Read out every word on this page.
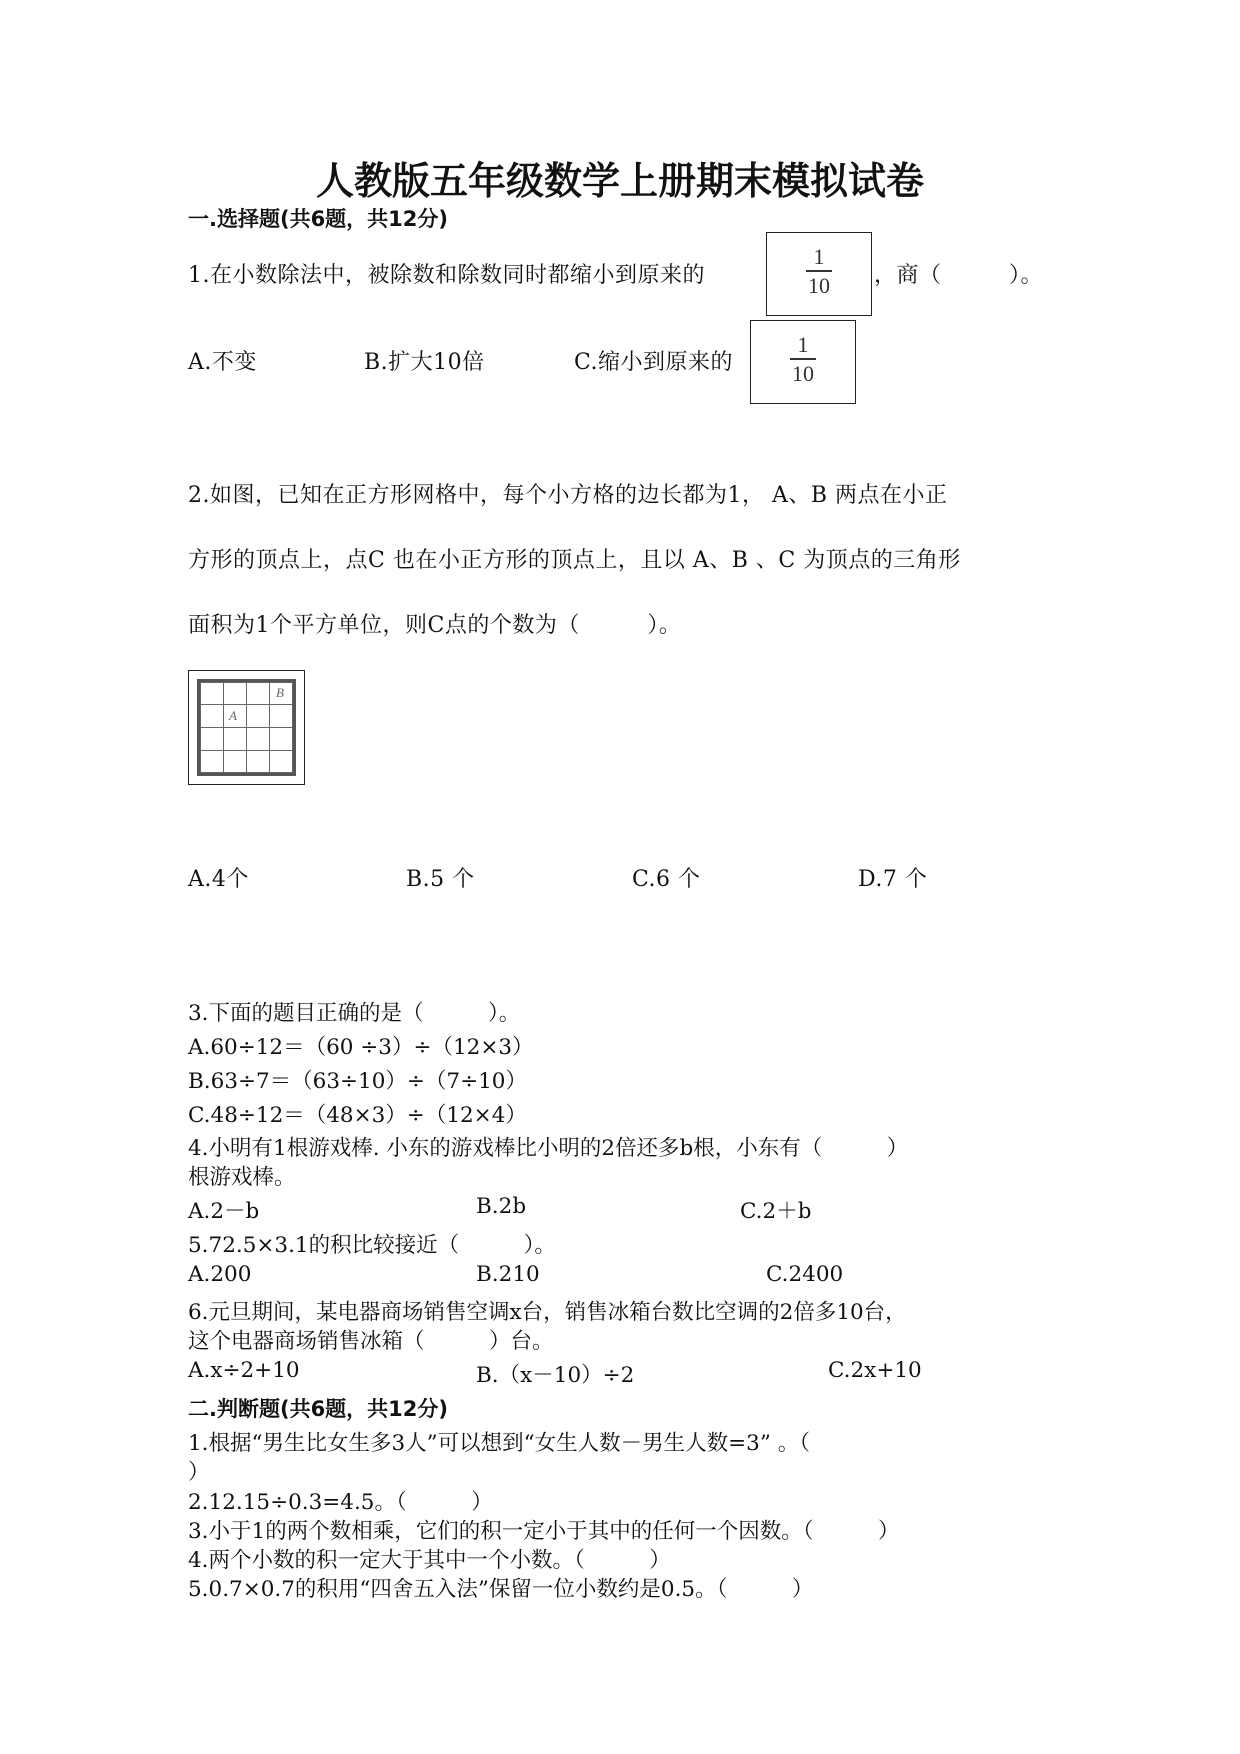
人教版五年级数学上册期末模拟试卷
一.选择题(共6题，共12分)
1.在小数除法中，被除数和除数同时都缩小到原来的
1
10	，商（　　　）。
A.不变	B.扩大10倍	C.缩小到原来的
1
10
2.如图，已知在正方形网格中，每个小方格的边长都为1， A、B 两点在小正
方形的顶点上，点C 也在小正方形的顶点上，且以 A、B 、C 为顶点的三角形
面积为1个平方单位，则C点的个数为（　　　）。
A
B
A.4个	B.5 个	C.6 个	D.7 个
3.下面的题目正确的是（　　　）。
A.60÷12＝（60 ÷3）÷（12×3）
B.63÷7＝（63÷10）÷（7÷10）
C.48÷12＝（48×3）÷（12×4）
4.小明有1根游戏棒. 小东的游戏棒比小明的2倍还多b根，小东有（　　　）
根游戏棒。
A.2－b	B.2b	C.2＋b
5.72.5×3.1的积比较接近（　　　）。
A.200	B.210	C.2400
6.元旦期间，某电器商场销售空调x台，销售冰箱台数比空调的2倍多10台，
这个电器商场销售冰箱（　　　）台。
A.x÷2+10	B.（x－10）÷2	C.2x+10
二.判断题(共6题，共12分)
1.根据“男生比女生多3人”可以想到“女生人数－男生人数=3” 。（
）
2.12.15÷0.3=4.5。（　　　）
3.小于1的两个数相乘，它们的积一定小于其中的任何一个因数。（　　　）
4.两个小数的积一定大于其中一个小数。（　　　）
5.0.7×0.7的积用“四舍五入法”保留一位小数约是0.5。（　　　）
